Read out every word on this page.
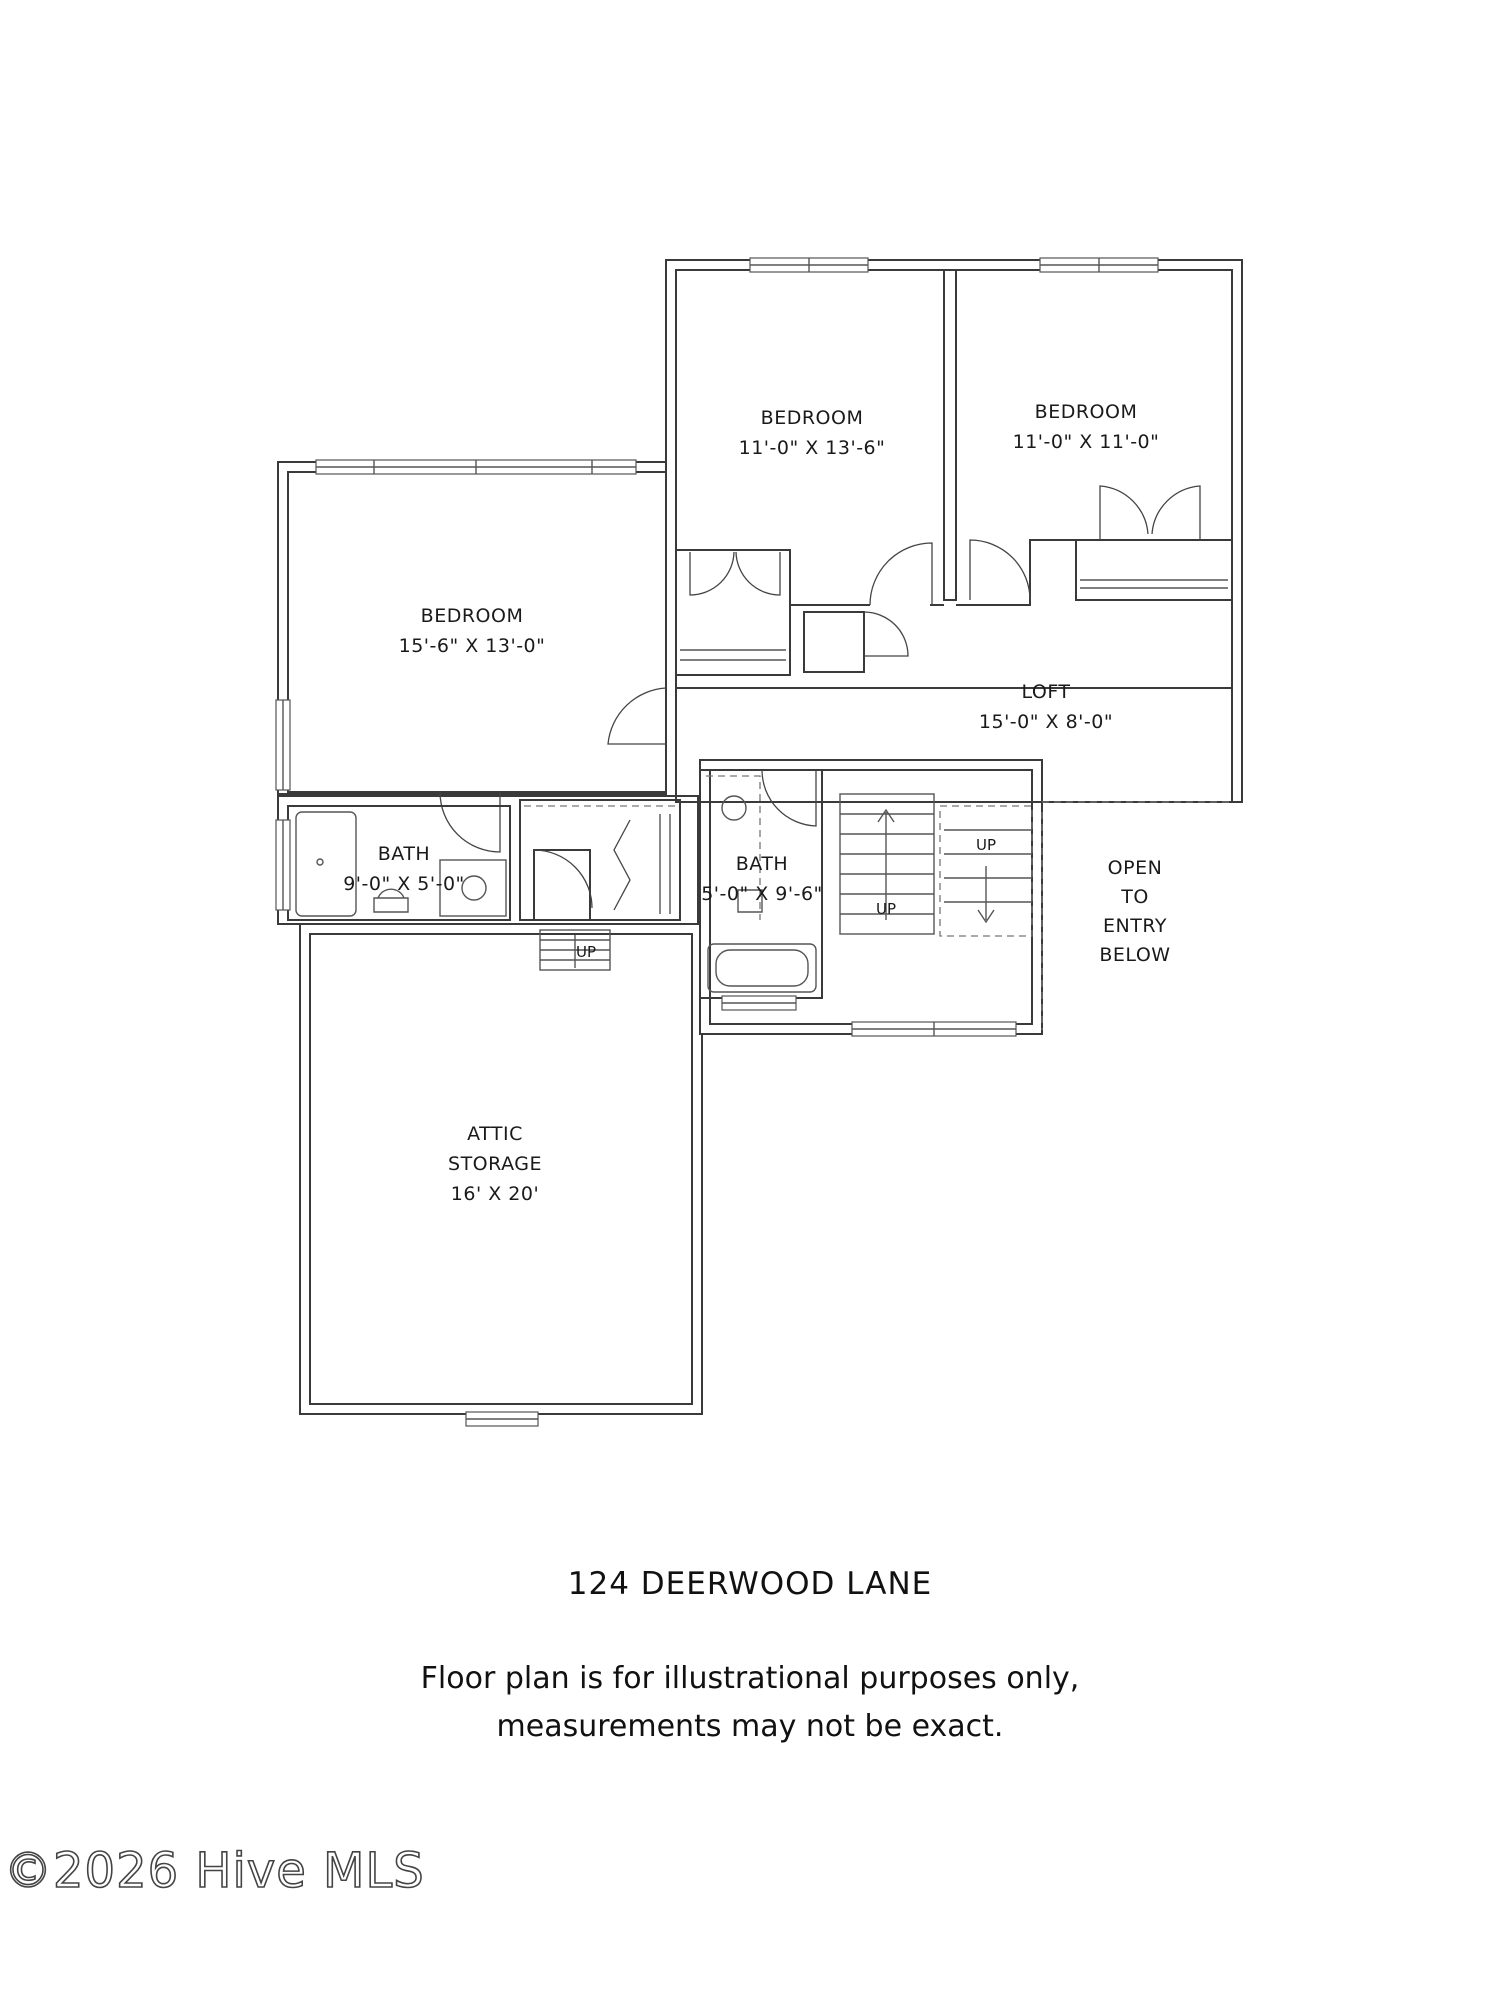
BEDROOM
11'-0" X 13'-6"
BEDROOM
11'-0" X 11'-0"
BEDROOM
15'-6" X 13'-0"
LOFT
15'-0" X 8'-0"
BATH
9'-0" X 5'-0"
BATH
5'-0" X 9'-6"
ATTIC
STORAGE
16' X 20'
OPEN
TO
ENTRY
BELOW
UP
UP
UP
124 DEERWOOD LANE
Floor plan is for illustrational purposes only,
measurements may not be exact.
©2026 Hive MLS
